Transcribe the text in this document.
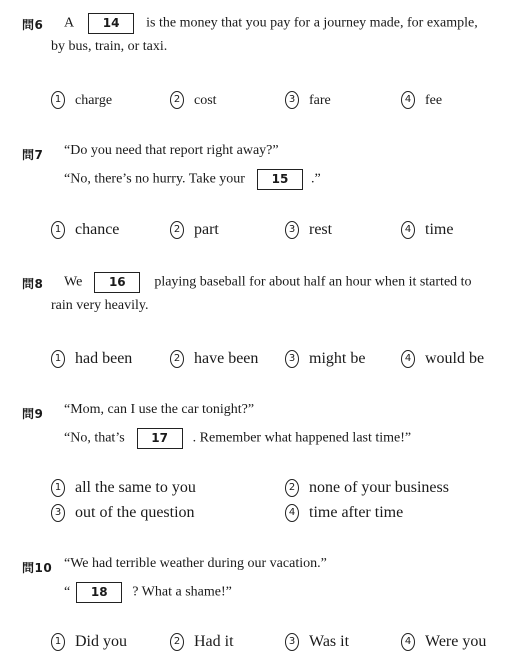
問6 A 14 is the money that you pay for a journey made, for example,
by bus, train, or taxi.
1 charge	2 cost	3 fare	4 fee
問7 “Do you need that report right away?”
“No, there’s no hurry. Take your 15 .”
1 chance	2 part	3 rest	4 time
問8 We 16 playing baseball for about half an hour when it started to
rain very heavily.
1 had been	2 have been	3 might be	4 would be
問9 “Mom, can I use the car tonight?”
“No, that’s 17 . Remember what happened last time!”
1 all the same to you	2 none of your business
3 out of the question	4 time after time
問10 “We had terrible weather during our vacation.”
“ 18 ? What a shame!”
1 Did you	2 Had it	3 Was it	4 Were you
